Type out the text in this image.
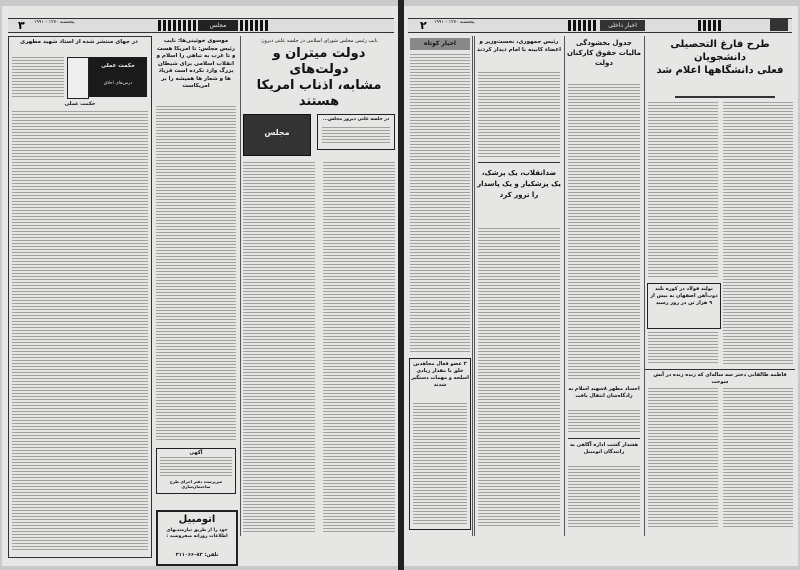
۳ پنجشنبه ۱۳۷۰ – ۱۹۹۱	مجلس
در جهای منتشر شده از استاد شهید مطهری
حکمت عملی
درس‌های اخلاق
حکمت عملی
موسوی خوئینی‌ها: نایب رئیس مجلس: تا امریکا هست و تا غرب به تباهی را اسلام و انقلاب اسلامی برای شیطان بزرگ وارد نکرده است فریاد ها و شعار ها همیشه را بر امریکاست
آگهی
سرپرست دفتر اجرای طرح ساختمان‌سازی
اتومبیل
خود را از طریق نیازمندیهای اطلاعات روزانه میفروشید :
تلفن: ۸۳–۳۱۱۰۶۶
نایب رئیس مجلس شورای اسلامی در جلسه علنی دیروز:
دولت میتران و دولت‌های
مشابه، اذناب امریکا هستند
مجلس
در جلسه علنی دیروز مجلس...
۲ پنجشنبه ۱۳۷۰ – ۱۹۹۱	اخبار داخلی
اخبار کوتاه
۳ عضو فعال مجاهدین خلق با مقدار زیادی اسلحه و مهمات دستگیر شدند
رئیس جمهوری، نخست‌وزیر و اعضاء کابینه با امام دیدار کردند
ضدانقلاب، یک پزشک، یک پزشکیار و یک پاسدار را ترور کرد
جدول بخشودگی مالیات حقوق کارکنان دولت
اجساد مطهر ۸شهید اسلام به زادگاه‌شان انتقال یافت
هشدار گشت اداره آگاهی به رانندگان اتومبیل
طرح فارغ التحصیلی دانشجویان
فعلی دانشگاهها اعلام شد
تولید فولاد در کوره بلند ذوب‌آهن اصفهان به بیش از ۹ هزار تن در روز رسید
فاطمه طالقانی دختر سه ساله‌ای که زنده زنده در آتش سوخت
